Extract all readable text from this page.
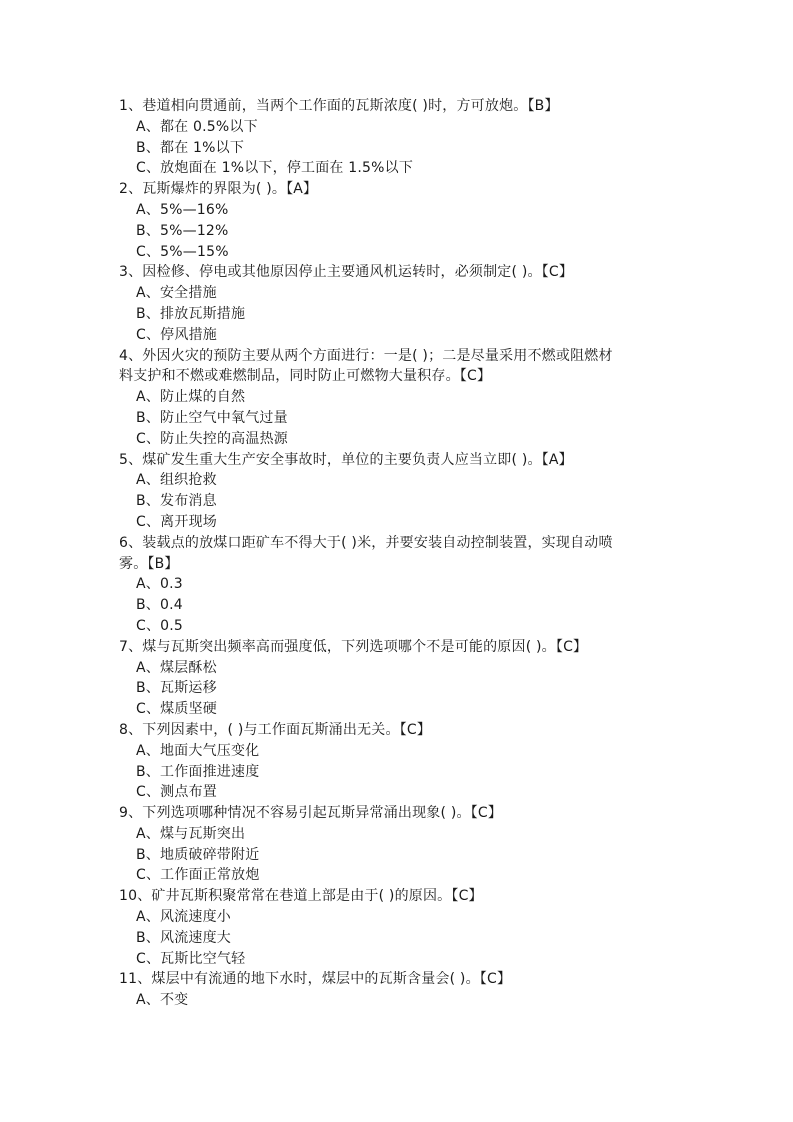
1、巷道相向贯通前，当两个工作面的瓦斯浓度( )时，方可放炮。【B】
A、都在 0.5%以下
B、都在 1%以下
C、放炮面在 1%以下，停工面在 1.5%以下
2、瓦斯爆炸的界限为( )。【A】
A、5%—16%
B、5%—12%
C、5%—15%
3、因检修、停电或其他原因停止主要通风机运转时，必须制定( )。【C】
A、安全措施
B、排放瓦斯措施
C、停风措施
4、外因火灾的预防主要从两个方面进行：一是( )；二是尽量采用不燃或阻燃材
料支护和不燃或难燃制品，同时防止可燃物大量积存。【C】
A、防止煤的自然
B、防止空气中氧气过量
C、防止失控的高温热源
5、煤矿发生重大生产安全事故时，单位的主要负责人应当立即( )。【A】
A、组织抢救
B、发布消息
C、离开现场
6、装载点的放煤口距矿车不得大于( )米，并要安装自动控制装置，实现自动喷
雾。【B】
A、0.3
B、0.4
C、0.5
7、煤与瓦斯突出频率高而强度低，下列选项哪个不是可能的原因( )。【C】
A、煤层酥松
B、瓦斯运移
C、煤质坚硬
8、下列因素中，( )与工作面瓦斯涌出无关。【C】
A、地面大气压变化
B、工作面推进速度
C、测点布置
9、下列选项哪种情况不容易引起瓦斯异常涌出现象( )。【C】
A、煤与瓦斯突出
B、地质破碎带附近
C、工作面正常放炮
10、矿井瓦斯积聚常常在巷道上部是由于( )的原因。【C】
A、风流速度小
B、风流速度大
C、瓦斯比空气轻
11、煤层中有流通的地下水时，煤层中的瓦斯含量会( )。【C】
A、不变
